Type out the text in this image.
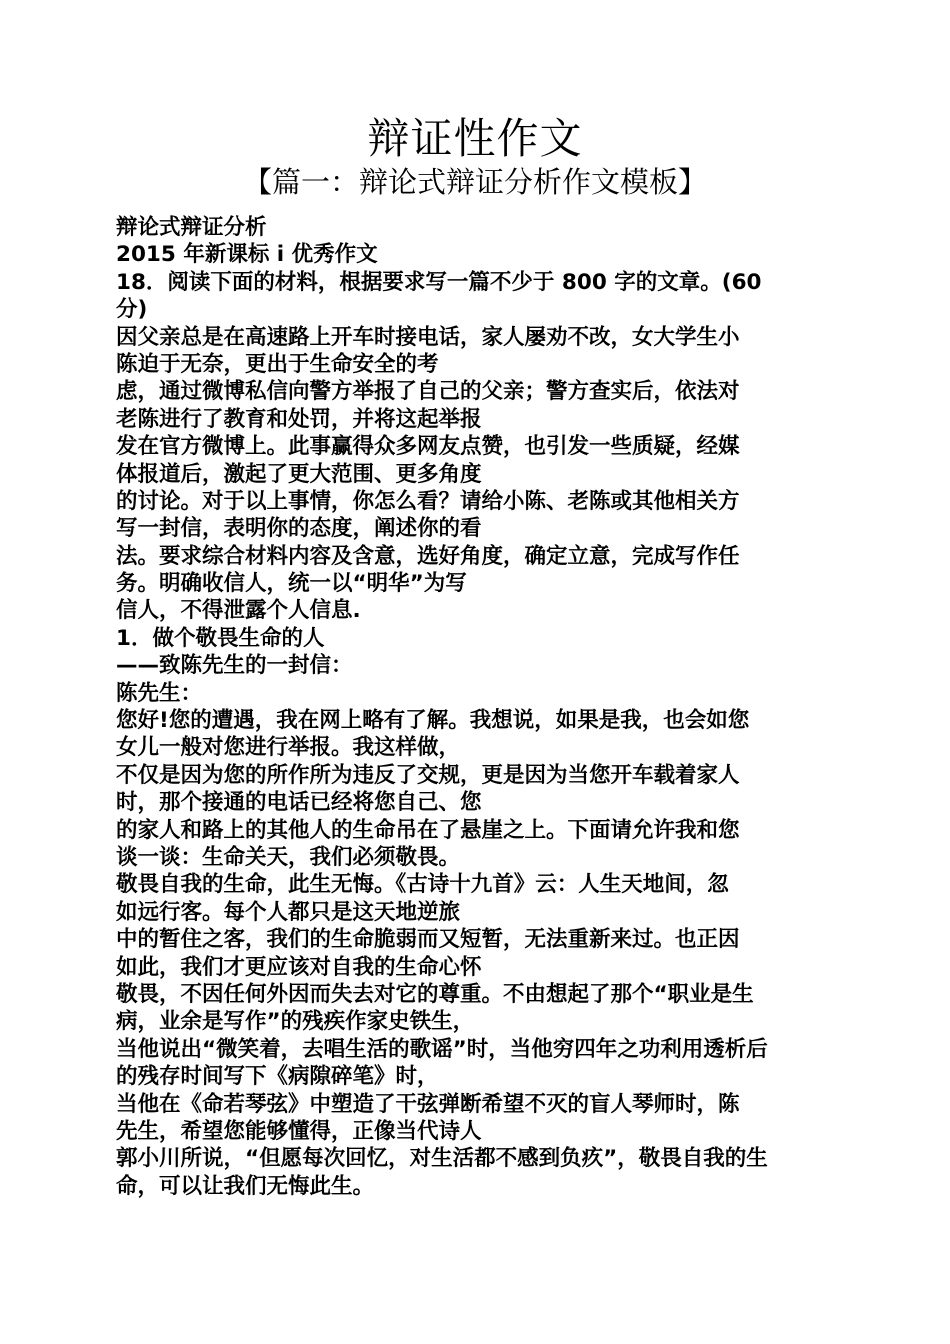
辩证性作文
【篇一：辩论式辩证分析作文模板】
辩论式辩证分析
2015 年新课标 i 优秀作文
18．阅读下面的材料，根据要求写一篇不少于 800 字的文章。(60
分)
因父亲总是在高速路上开车时接电话，家人屡劝不改，女大学生小
陈迫于无奈，更出于生命安全的考
虑，通过微博私信向警方举报了自己的父亲；警方查实后，依法对
老陈进行了教育和处罚，并将这起举报
发在官方微博上。此事赢得众多网友点赞，也引发一些质疑，经媒
体报道后，激起了更大范围、更多角度
的讨论。对于以上事情，你怎么看？请给小陈、老陈或其他相关方
写一封信，表明你的态度，阐述你的看
法。要求综合材料内容及含意，选好角度，确定立意，完成写作任
务。明确收信人，统一以“明华”为写
信人，不得泄露个人信息.
1．做个敬畏生命的人
——致陈先生的一封信：
陈先生：
您好!您的遭遇，我在网上略有了解。我想说，如果是我，也会如您
女儿一般对您进行举报。我这样做，
不仅是因为您的所作所为违反了交规，更是因为当您开车载着家人
时，那个接通的电话已经将您自己、您
的家人和路上的其他人的生命吊在了悬崖之上。下面请允许我和您
谈一谈：生命关天，我们必须敬畏。
敬畏自我的生命，此生无悔。《古诗十九首》云：人生天地间，忽
如远行客。每个人都只是这天地逆旅
中的暂住之客，我们的生命脆弱而又短暂，无法重新来过。也正因
如此，我们才更应该对自我的生命心怀
敬畏，不因任何外因而失去对它的尊重。不由想起了那个“职业是生
病，业余是写作”的残疾作家史铁生，
当他说出“微笑着，去唱生活的歌谣”时，当他穷四年之功利用透析后
的残存时间写下《病隙碎笔》时，
当他在《命若琴弦》中塑造了干弦弹断希望不灭的盲人琴师时，陈
先生，希望您能够懂得，正像当代诗人
郭小川所说，“但愿每次回忆，对生活都不感到负疚”，敬畏自我的生
命，可以让我们无悔此生。
